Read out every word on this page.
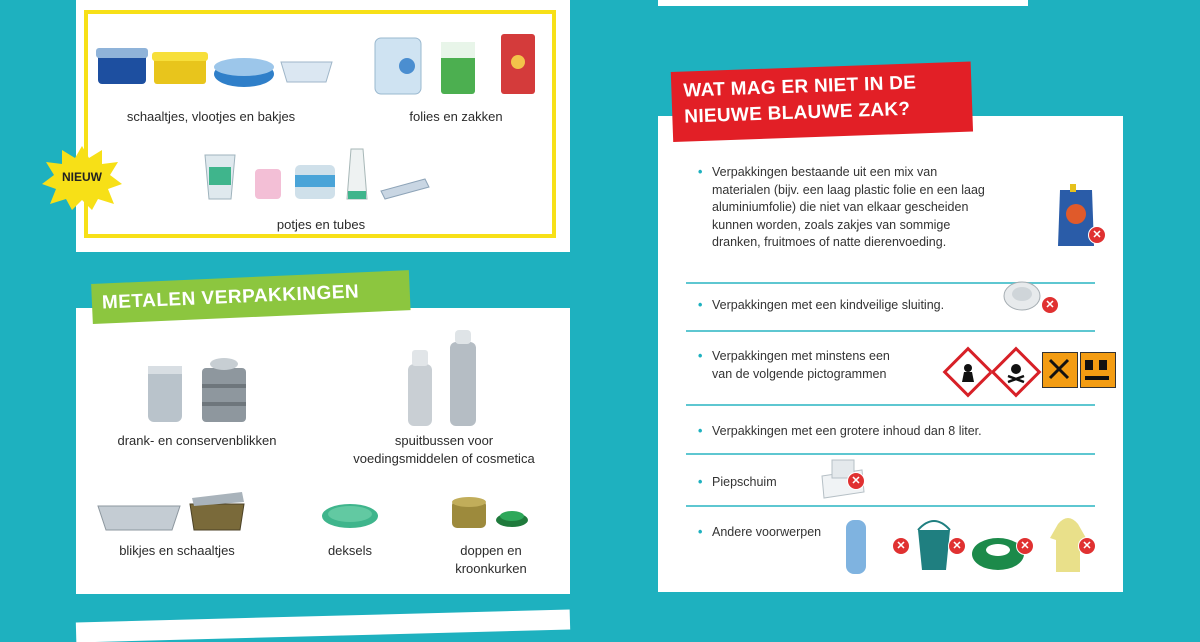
schaaltjes, vlootjes en bakjes	folies en zakken
potjes en tubes
NIEUW
drank- en conservenblikken	spuitbussen voor
voedingsmiddelen of cosmetica
blikjes en schaaltjes	deksels	doppen en
kroonkurken
METALEN VERPAKKINGEN
• Verpakkingen bestaande uit een mix van
materialen (bijv. een laag plastic folie en een laag
aluminiumfolie) die niet van elkaar gescheiden
kunnen worden, zoals zakjes van sommige
dranken, fruitmoes of natte dierenvoeding.
• Verpakkingen met een kindveilige sluiting.
• Verpakkingen met minstens een
van de volgende pictogrammen
• Verpakkingen met een grotere inhoud dan 8 liter.
• Piepschuim
• Andere voorwerpen
✕
✕
✕
✕	✕	✕	✕
WAT MAG ER NIET IN DE
NIEUWE BLAUWE ZAK?
